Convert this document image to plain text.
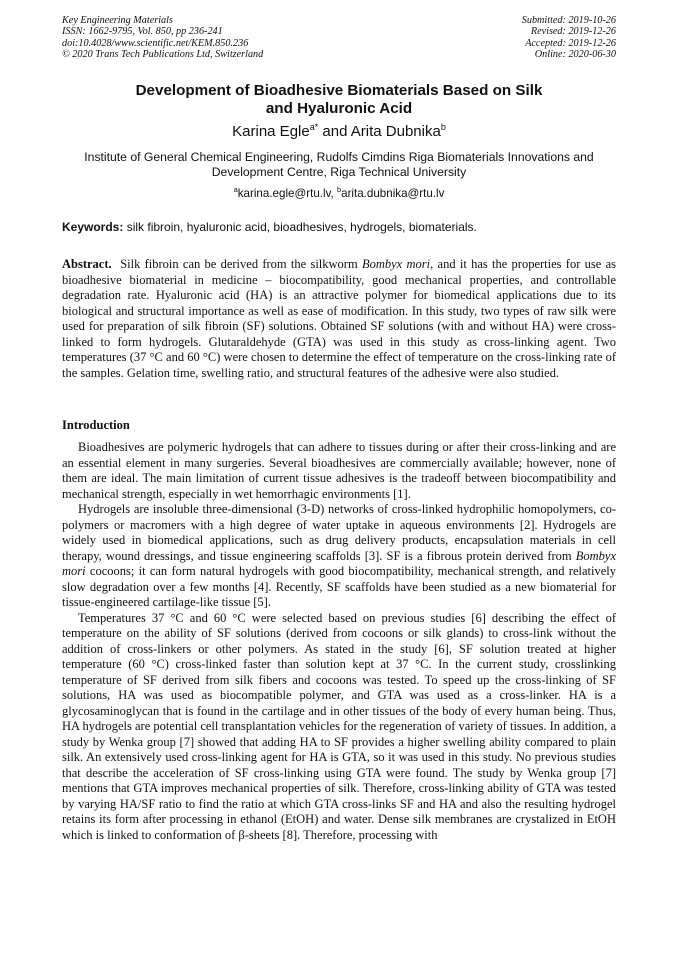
Key Engineering Materials
ISSN: 1662-9795, Vol. 850, pp 236-241
doi:10.4028/www.scientific.net/KEM.850.236
© 2020 Trans Tech Publications Ltd, Switzerland
Submitted: 2019-10-26
Revised: 2019-12-26
Accepted: 2019-12-26
Online: 2020-06-30
Development of Bioadhesive Biomaterials Based on Silk
and Hyaluronic Acid
Karina Egle$^{a*}$ and Arita Dubnika$^b$
Institute of General Chemical Engineering, Rudolfs Cimdins Riga Biomaterials Innovations and
Development Centre, Riga Technical University
$^a$karina.egle@rtu.lv, $^b$arita.dubnika@rtu.lv
Keywords: silk fibroin, hyaluronic acid, bioadhesives, hydrogels, biomaterials.

Abstract.  Silk fibroin can be derived from the silkworm Bombyx mori, and it has the properties for use as bioadhesive biomaterial in medicine – biocompatibility, good mechanical properties, and controllable degradation rate. Hyaluronic acid (HA) is an attractive polymer for biomedical applications due to its biological and structural importance as well as ease of modification. In this study, two types of raw silk were used for preparation of silk fibroin (SF) solutions. Obtained SF solutions (with and without HA) were cross-linked to form hydrogels. Glutaraldehyde (GTA) was used in this study as cross-linking agent. Two temperatures (37 °C and 60 °C) were chosen to determine the effect of temperature on the cross-linking rate of the samples. Gelation time, swelling ratio, and structural features of the adhesive were also studied.

Introduction

Bioadhesives are polymeric hydrogels that can adhere to tissues during or after their cross-linking and are an essential element in many surgeries. Several bioadhesives are commercially available; however, none of them are ideal. The main limitation of current tissue adhesives is the tradeoff between biocompatibility and mechanical strength, especially in wet hemorrhagic environments [1].

Hydrogels are insoluble three-dimensional (3-D) networks of cross-linked hydrophilic homopolymers, co-polymers or macromers with a high degree of water uptake in aqueous environments [2]. Hydrogels are widely used in biomedical applications, such as drug delivery products, encapsulation materials in cell therapy, wound dressings, and tissue engineering scaffolds [3]. SF is a fibrous protein derived from Bombyx mori cocoons; it can form natural hydrogels with good biocompatibility, mechanical strength, and relatively slow degradation over a few months [4]. Recently, SF scaffolds have been studied as a new biomaterial for tissue-engineered cartilage-like tissue [5].

Temperatures 37 °C and 60 °C were selected based on previous studies [6] describing the effect of temperature on the ability of SF solutions (derived from cocoons or silk glands) to cross-link without the addition of cross-linkers or other polymers. As stated in the study [6], SF solution treated at higher temperature (60 °C) cross-linked faster than solution kept at 37 °C. In the current study, crosslinking temperature of SF derived from silk fibers and cocoons was tested. To speed up the cross-linking of SF solutions, HA was used as biocompatible polymer, and GTA was used as a cross-linker. HA is a glycosaminoglycan that is found in the cartilage and in other tissues of the body of every human being. Thus, HA hydrogels are potential cell transplantation vehicles for the regeneration of variety of tissues. In addition, a study by Wenka group [7] showed that adding HA to SF provides a higher swelling ability compared to plain silk. An extensively used cross-linking agent for HA is GTA, so it was used in this study. No previous studies that describe the acceleration of SF cross-linking using GTA were found. The study by Wenka group [7] mentions that GTA improves mechanical properties of silk. Therefore, cross-linking ability of GTA was tested by varying HA/SF ratio to find the ratio at which GTA cross-links SF and HA and also the resulting hydrogel retains its form after processing in ethanol (EtOH) and water. Dense silk membranes are crystalized in EtOH which is linked to conformation of β-sheets [8]. Therefore, processing with
